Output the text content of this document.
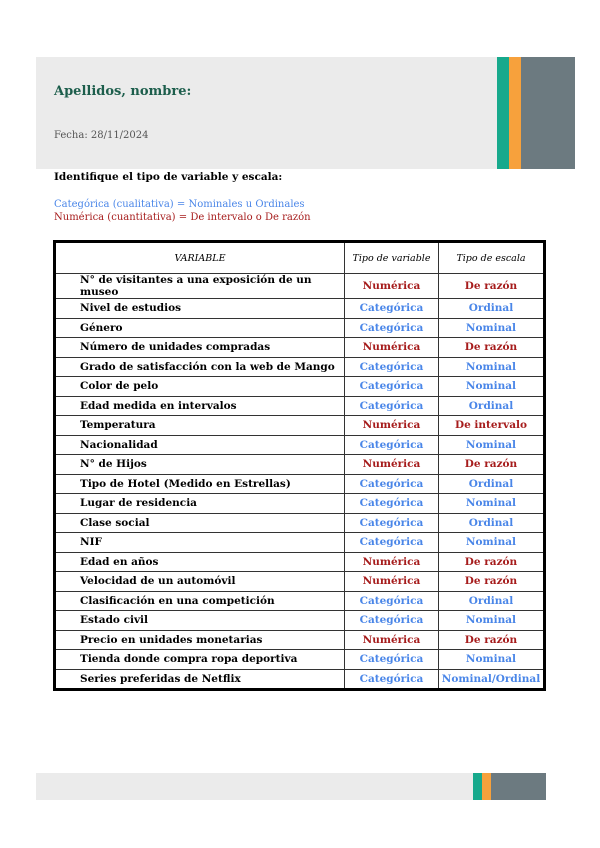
Apellidos, nombre:
Fecha: 28/11/2024
Identifique el tipo de variable y escala:
Categórica (cualitativa) = Nominales u Ordinales
Numérica (cuantitativa) = De intervalo o De razón
VARIABLE	Tipo de variable	Tipo de escala
N° de visitantes a una exposición de un museo	Numérica	De razón
Nivel de estudios	Categórica	Ordinal
Género	Categórica	Nominal
Número de unidades compradas	Numérica	De razón
Grado de satisfacción con la web de Mango	Categórica	Nominal
Color de pelo	Categórica	Nominal
Edad medida en intervalos	Categórica	Ordinal
Temperatura	Numérica	De intervalo
Nacionalidad	Categórica	Nominal
N° de Hijos	Numérica	De razón
Tipo de Hotel (Medido en Estrellas)	Categórica	Ordinal
Lugar de residencia	Categórica	Nominal
Clase social	Categórica	Ordinal
NIF	Categórica	Nominal
Edad en años	Numérica	De razón
Velocidad de un automóvil	Numérica	De razón
Clasificación en una competición	Categórica	Ordinal
Estado civil	Categórica	Nominal
Precio en unidades monetarias	Numérica	De razón
Tienda donde compra ropa deportiva	Categórica	Nominal
Series preferidas de Netflix	Categórica	Nominal/Ordinal
